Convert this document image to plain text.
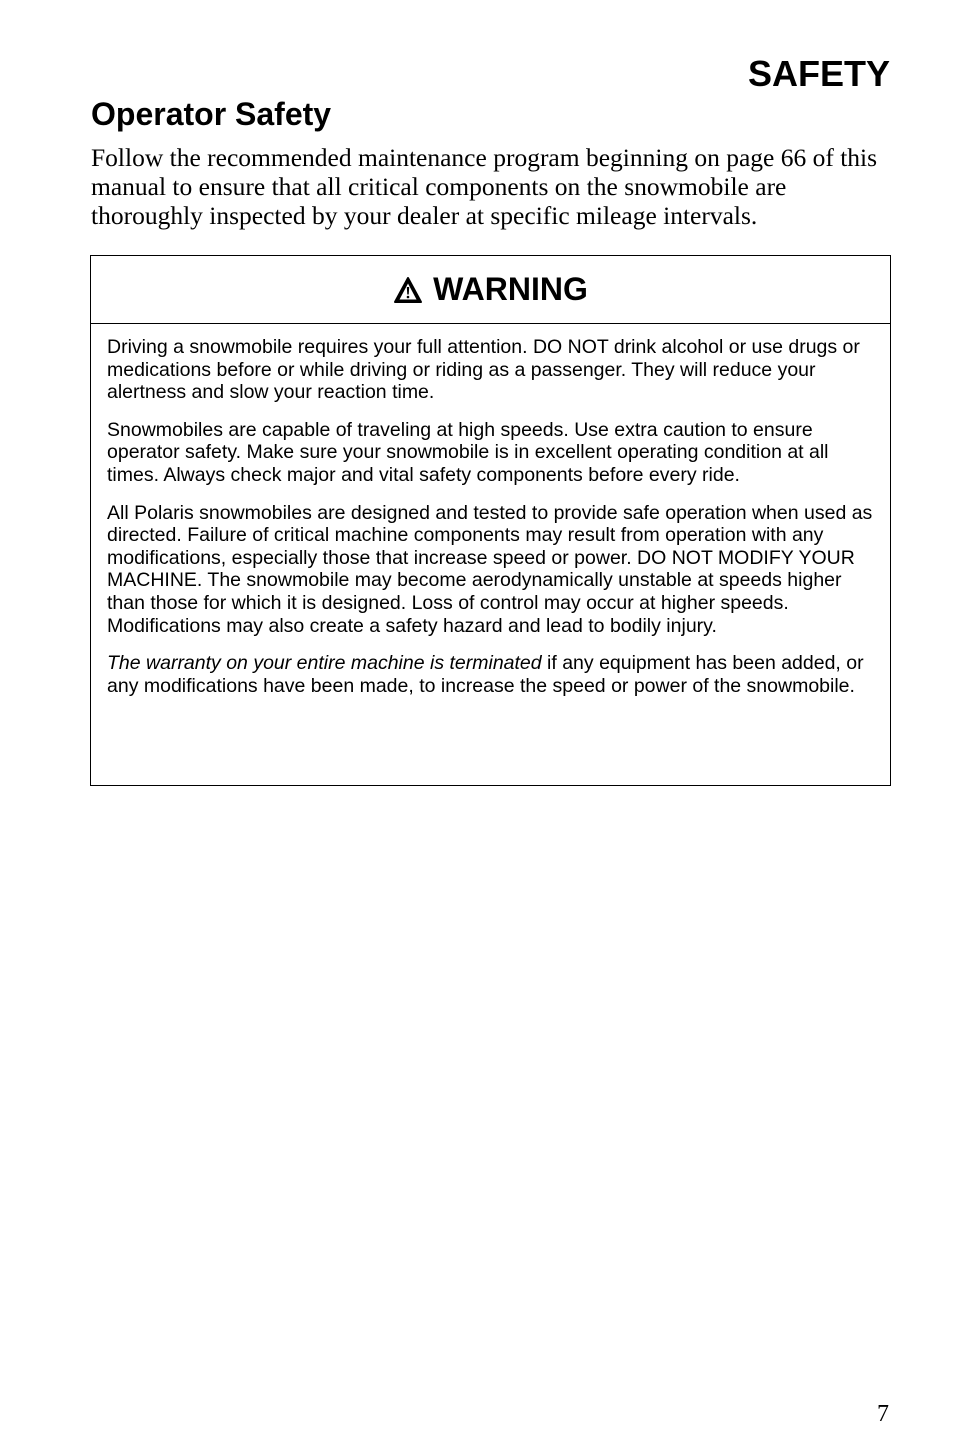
SAFETY
Operator Safety

Follow the recommended maintenance program beginning on page 66 of this manual to ensure that all critical components on the snowmobile are thoroughly inspected by your dealer at specific mileage intervals.

WARNING

Driving a snowmobile requires your full attention. DO NOT drink alcohol or use drugs or medications before or while driving or riding as a passenger. They will reduce your alertness and slow your reaction time.

Snowmobiles are capable of traveling at high speeds. Use extra caution to ensure operator safety. Make sure your snowmobile is in excellent operating condition at all times. Always check major and vital safety components before every ride.

All Polaris snowmobiles are designed and tested to provide safe operation when used as directed. Failure of critical machine components may result from operation with any modifications, especially those that increase speed or power. DO NOT MODIFY YOUR MACHINE. The snowmobile may become aerodynamically unstable at speeds higher than those for which it is designed. Loss of control may occur at higher speeds. Modifications may also create a safety hazard and lead to bodily injury.

The warranty on your entire machine is terminated if any equipment has been added, or any modifications have been made, to increase the speed or power of the snowmobile.

7
